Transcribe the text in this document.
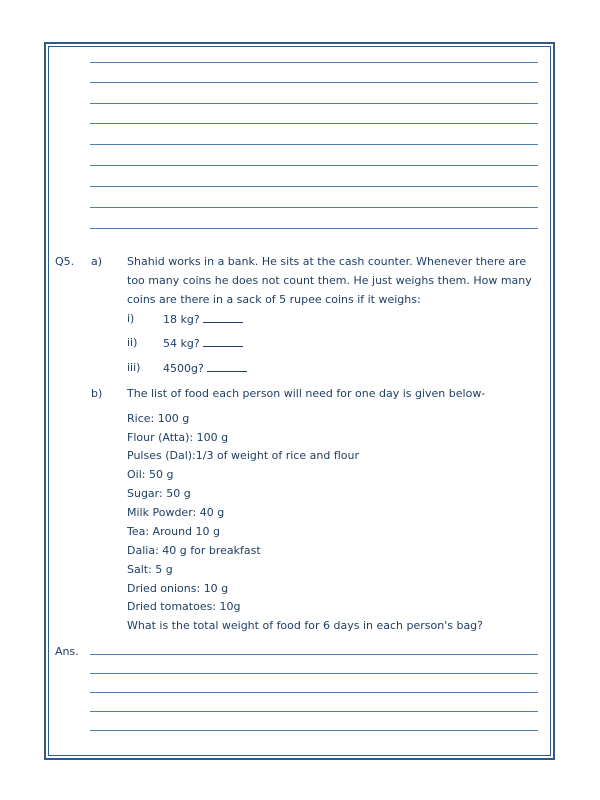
Q5. a) Shahid works in a bank. He sits at the cash counter. Whenever there are too many coins he does not count them. He just weighs them. How many coins are there in a sack of 5 rupee coins if it weighs:
i)	18 kg?
ii) 54 kg?
iii) 4500g?
b) The list of food each person will need for one day is given below-
Rice: 100 g
Flour (Atta): 100 g
Pulses (Dal):1/3 of weight of rice and flour
Oil: 50 g
Sugar: 50 g
Milk Powder: 40 g
Tea: Around 10 g
Dalia: 40 g for breakfast
Salt: 5 g
Dried onions: 10 g
Dried tomatoes: 10g
What is the total weight of food for 6 days in each person's bag?
Ans.
